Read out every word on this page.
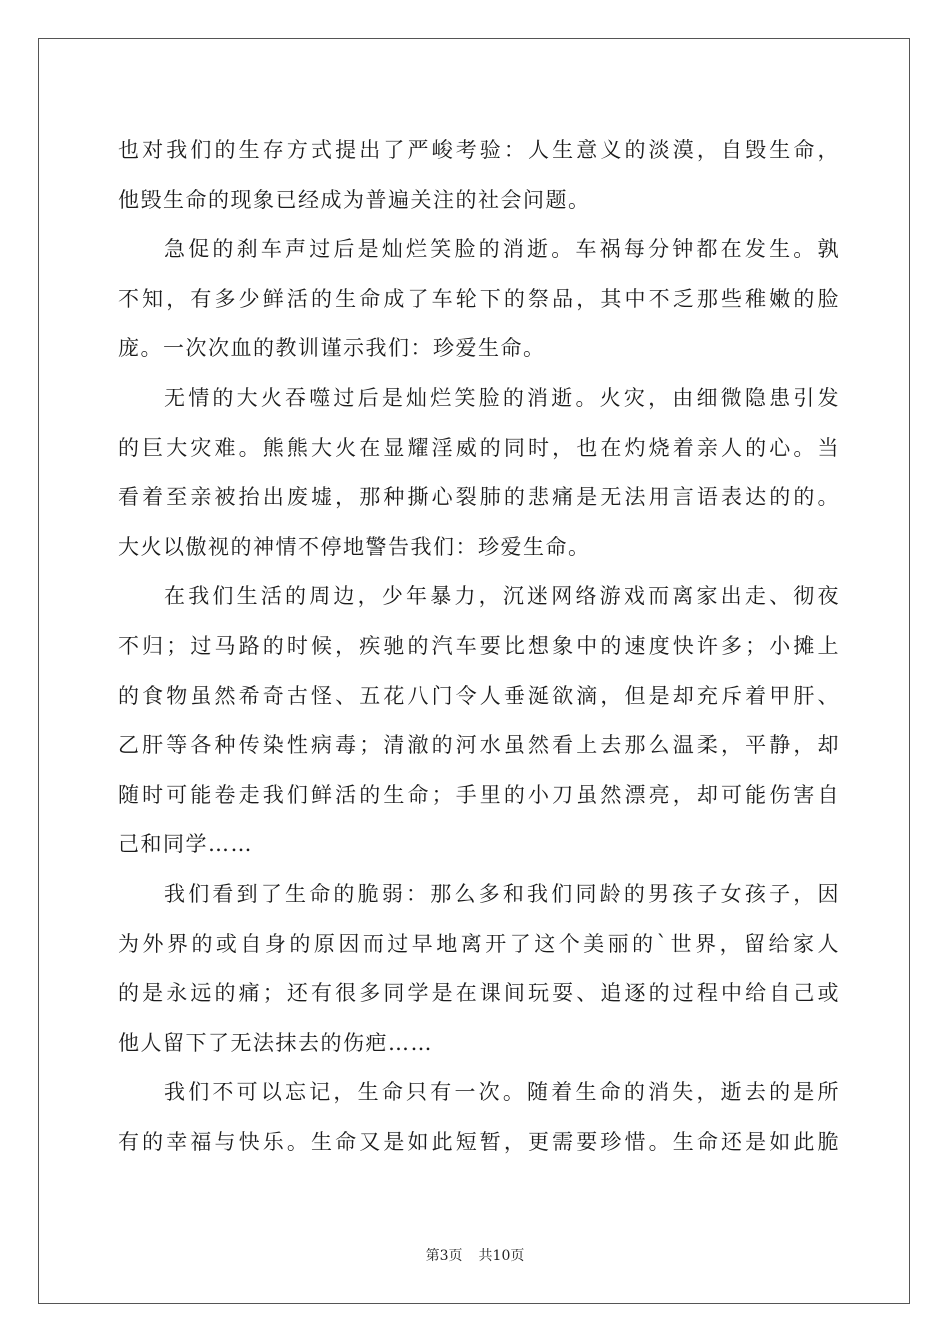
也对我们的生存方式提出了严峻考验：人生意义的淡漠，自毁生命，
他毁生命的现象已经成为普遍关注的社会问题。
急促的刹车声过后是灿烂笑脸的消逝。车祸每分钟都在发生。孰
不知，有多少鲜活的生命成了车轮下的祭品，其中不乏那些稚嫩的脸
庞。一次次血的教训谨示我们：珍爱生命。
无情的大火吞噬过后是灿烂笑脸的消逝。火灾，由细微隐患引发
的巨大灾难。熊熊大火在显耀淫威的同时，也在灼烧着亲人的心。当
看着至亲被抬出废墟，那种撕心裂肺的悲痛是无法用言语表达的的。
大火以傲视的神情不停地警告我们：珍爱生命。
在我们生活的周边，少年暴力，沉迷网络游戏而离家出走、彻夜
不归；过马路的时候，疾驰的汽车要比想象中的速度快许多；小摊上
的食物虽然希奇古怪、五花八门令人垂涎欲滴，但是却充斥着甲肝、
乙肝等各种传染性病毒；清澈的河水虽然看上去那么温柔，平静，却
随时可能卷走我们鲜活的生命；手里的小刀虽然漂亮，却可能伤害自
己和同学……
我们看到了生命的脆弱：那么多和我们同龄的男孩子女孩子，因
为外界的或自身的原因而过早地离开了这个美丽的`世界，留给家人
的是永远的痛；还有很多同学是在课间玩耍、追逐的过程中给自己或
他人留下了无法抹去的伤疤……
我们不可以忘记，生命只有一次。随着生命的消失，逝去的是所
有的幸福与快乐。生命又是如此短暂，更需要珍惜。生命还是如此脆
第3页 共10页
